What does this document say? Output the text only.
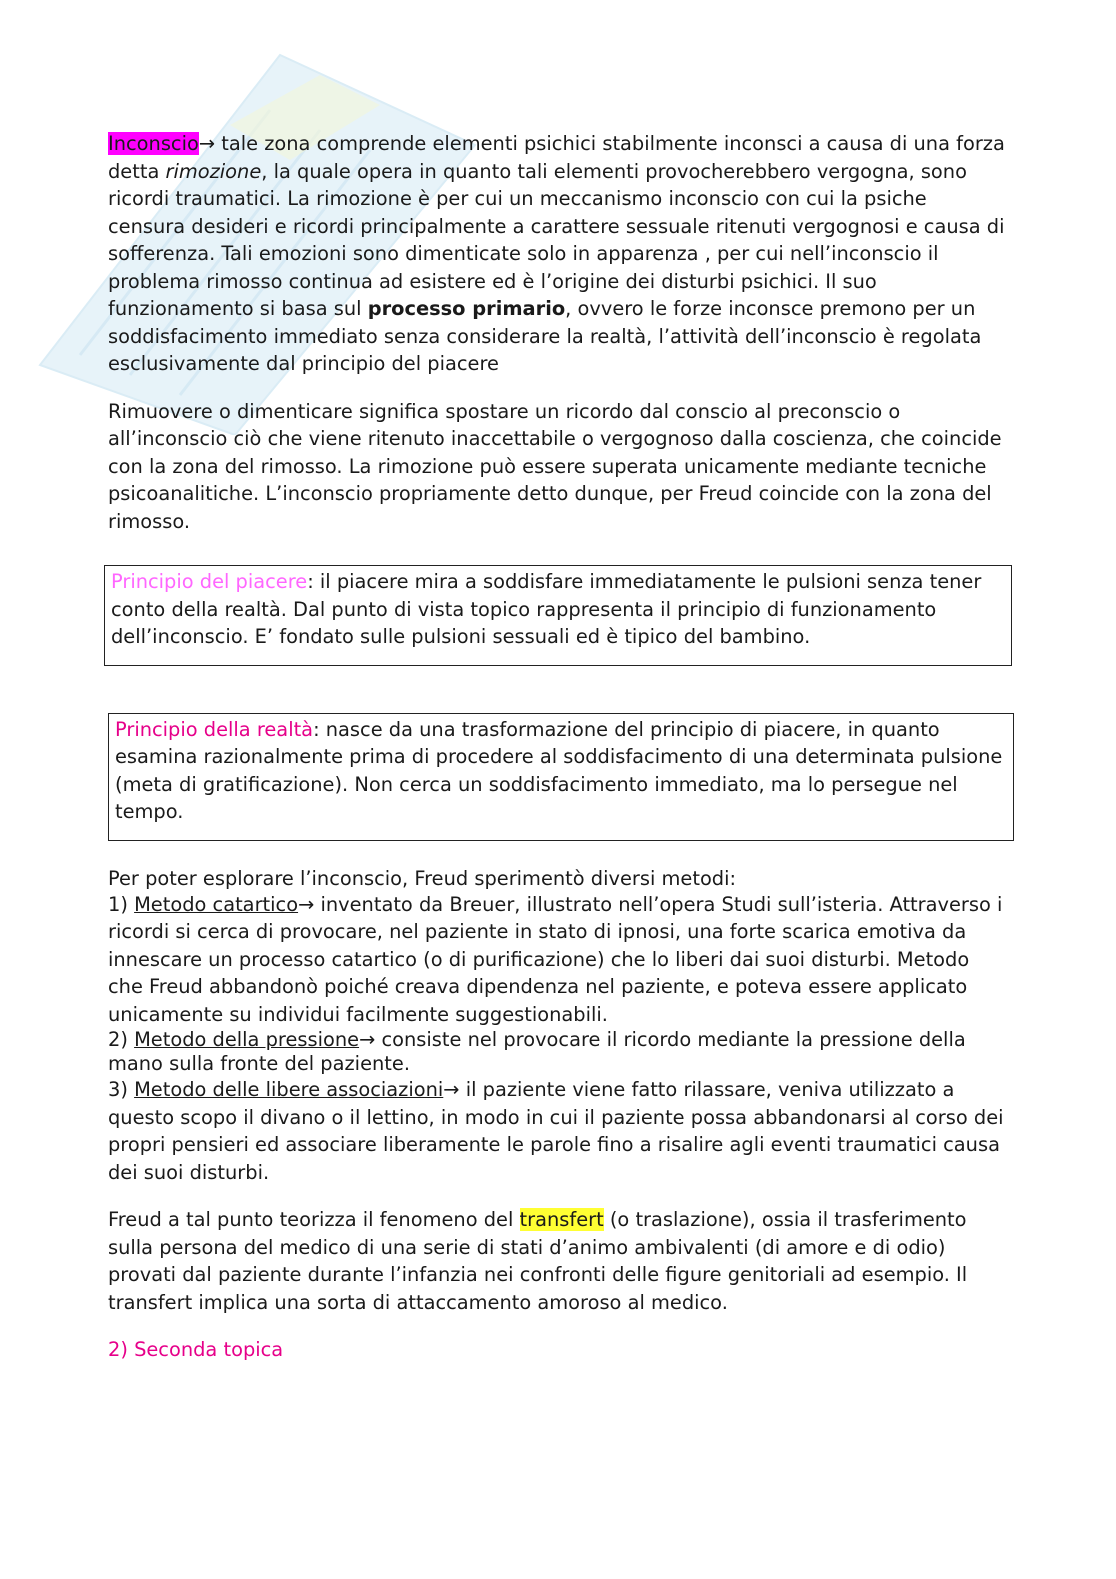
Inconscio→ tale zona comprende elementi psichici stabilmente inconsci a causa di una forza detta rimozione, la quale opera in quanto tali elementi provocherebbero vergogna, sono ricordi traumatici. La rimozione è per cui un meccanismo inconscio con cui la psiche censura desideri e ricordi principalmente a carattere sessuale ritenuti vergognosi e causa di sofferenza. Tali emozioni sono dimenticate solo in apparenza , per cui nell’inconscio il problema rimosso continua ad esistere ed è l’origine dei disturbi psichici. Il suo funzionamento si basa sul processo primario, ovvero le forze inconsce premono per un soddisfacimento immediato senza considerare la realtà, l’attività dell’inconscio è regolata esclusivamente dal principio del piacere

Rimuovere o dimenticare significa spostare un ricordo dal conscio al preconscio o all’inconscio ciò che viene ritenuto inaccettabile o vergognoso dalla coscienza, che coincide con la zona del rimosso. La rimozione può essere superata unicamente mediante tecniche psicoanalitiche. L’inconscio propriamente detto dunque, per Freud coincide con la zona del rimosso.

Principio del piacere: il piacere mira a soddisfare immediatamente le pulsioni senza tener conto della realtà. Dal punto di vista topico rappresenta il principio di funzionamento dell’inconscio. E’ fondato sulle pulsioni sessuali ed è tipico del bambino.
Principio della realtà: nasce da una trasformazione del principio di piacere, in quanto esamina razionalmente prima di procedere al soddisfacimento di una determinata pulsione (meta di gratificazione). Non cerca un soddisfacimento immediato, ma lo persegue nel tempo.

Per poter esplorare l’inconscio, Freud sperimentò diversi metodi:

1) Metodo catartico→ inventato da Breuer, illustrato nell’opera Studi sull’isteria. Attraverso i ricordi si cerca di provocare, nel paziente in stato di ipnosi, una forte scarica emotiva da innescare un processo catartico (o di purificazione) che lo liberi dai suoi disturbi. Metodo che Freud abbandonò poiché creava dipendenza nel paziente, e poteva essere applicato unicamente su individui facilmente suggestionabili.

2) Metodo della pressione→ consiste nel provocare il ricordo mediante la pressione della mano sulla fronte del paziente.

3) Metodo delle libere associazioni→ il paziente viene fatto rilassare, veniva utilizzato a questo scopo il divano o il lettino, in modo in cui il paziente possa abbandonarsi al corso dei propri pensieri ed associare liberamente le parole fino a risalire agli eventi traumatici causa dei suoi disturbi.

Freud a tal punto teorizza il fenomeno del transfert (o traslazione), ossia il trasferimento sulla persona del medico di una serie di stati d’animo ambivalenti (di amore e di odio) provati dal paziente durante l’infanzia nei confronti delle figure genitoriali ad esempio. Il transfert implica una sorta di attaccamento amoroso al medico.

2) Seconda topica
